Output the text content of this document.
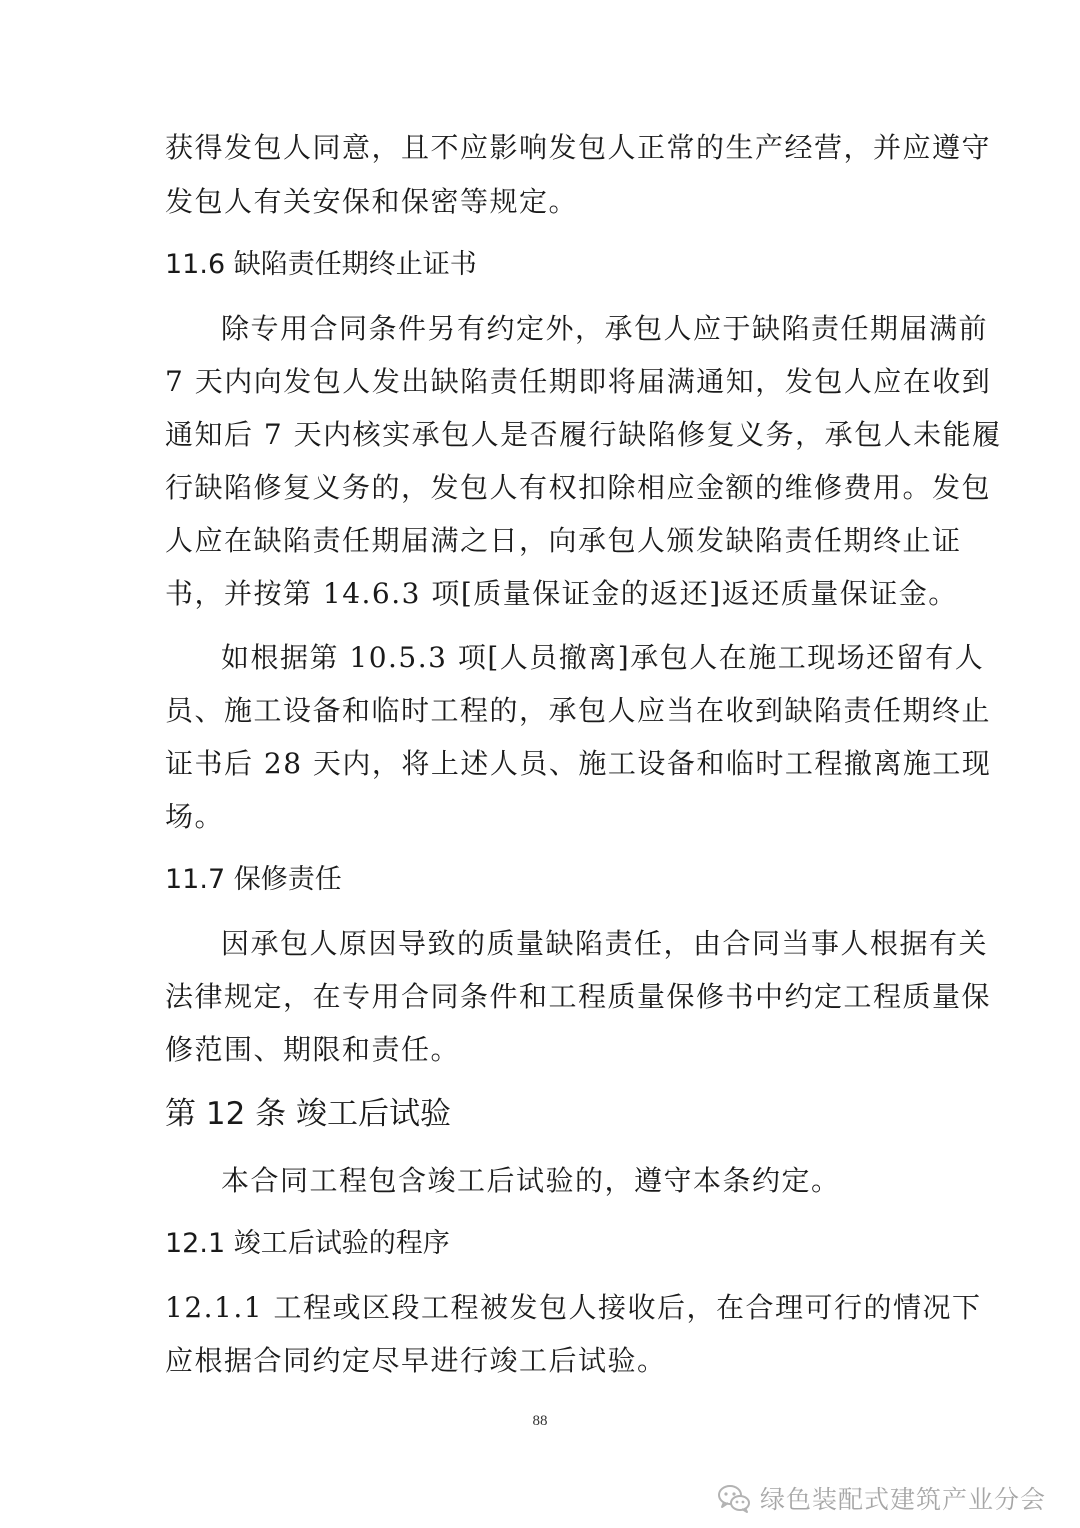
获得发包人同意，且不应影响发包人正常的生产经营，并应遵守
发包人有关安保和保密等规定。
11.6 缺陷责任期终止证书
除专用合同条件另有约定外，承包人应于缺陷责任期届满前
7 天内向发包人发出缺陷责任期即将届满通知，发包人应在收到
通知后 7 天内核实承包人是否履行缺陷修复义务，承包人未能履
行缺陷修复义务的，发包人有权扣除相应金额的维修费用。发包
人应在缺陷责任期届满之日，向承包人颁发缺陷责任期终止证
书，并按第 14.6.3 项[质量保证金的返还]返还质量保证金。
如根据第 10.5.3 项[人员撤离]承包人在施工现场还留有人
员、施工设备和临时工程的，承包人应当在收到缺陷责任期终止
证书后 28 天内，将上述人员、施工设备和临时工程撤离施工现
场。
11.7 保修责任
因承包人原因导致的质量缺陷责任，由合同当事人根据有关
法律规定，在专用合同条件和工程质量保修书中约定工程质量保
修范围、期限和责任。
第 12 条 竣工后试验
本合同工程包含竣工后试验的，遵守本条约定。
12.1 竣工后试验的程序
12.1.1 工程或区段工程被发包人接收后，在合理可行的情况下
应根据合同约定尽早进行竣工后试验。
88
绿色装配式建筑产业分会
